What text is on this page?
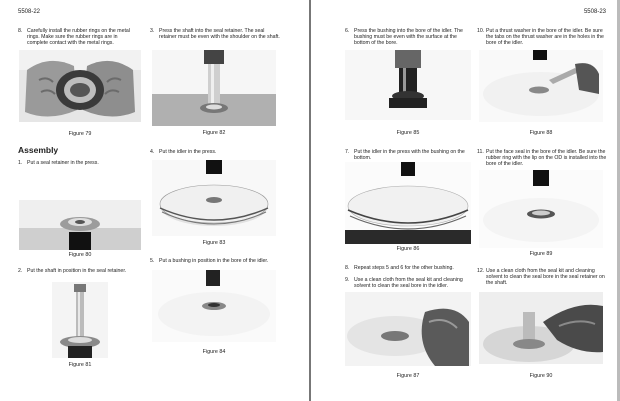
5508-22
8. Carefully install the rubber rings on the metal rings. Make sure the rubber rings are in complete contact with the metal rings.
Figure 79
Assembly
1. Put a seal retainer in the press.
Figure 80
2. Put the shaft in position in the seal retainer.
Figure 81
3. Press the shaft into the seal retainer. The seal retainer must be even with the shoulder on the shaft.
Figure 82
4. Put the idler in the press.
Figure 83
5. Put a bushing in position in the bore of the idler.
Figure 84
5508-23
6. Press the bushing into the bore of the idler. The bushing must be even with the surface at the bottom of the bore.
Figure 85
7. Put the idler in the press with the bushing on the bottom.
Figure 86
8. Repeat steps 5 and 6 for the other bushing.
9. Use a clean cloth from the seal kit and cleaning solvent to clean the seal bore in the idler.
Figure 87
10. Put a thrust washer in the bore of the idler. Be sure the tabs on the thrust washer are in the holes in the bore of the idler.
Figure 88
11. Put the face seal in the bore of the idler. Be sure the rubber ring with the lip on the OD is installed into the bore of the idler.
Figure 89
12. Use a clean cloth from the seal kit and cleaning solvent to clean the seal bore in the seal retainer on the shaft.
Figure 90
